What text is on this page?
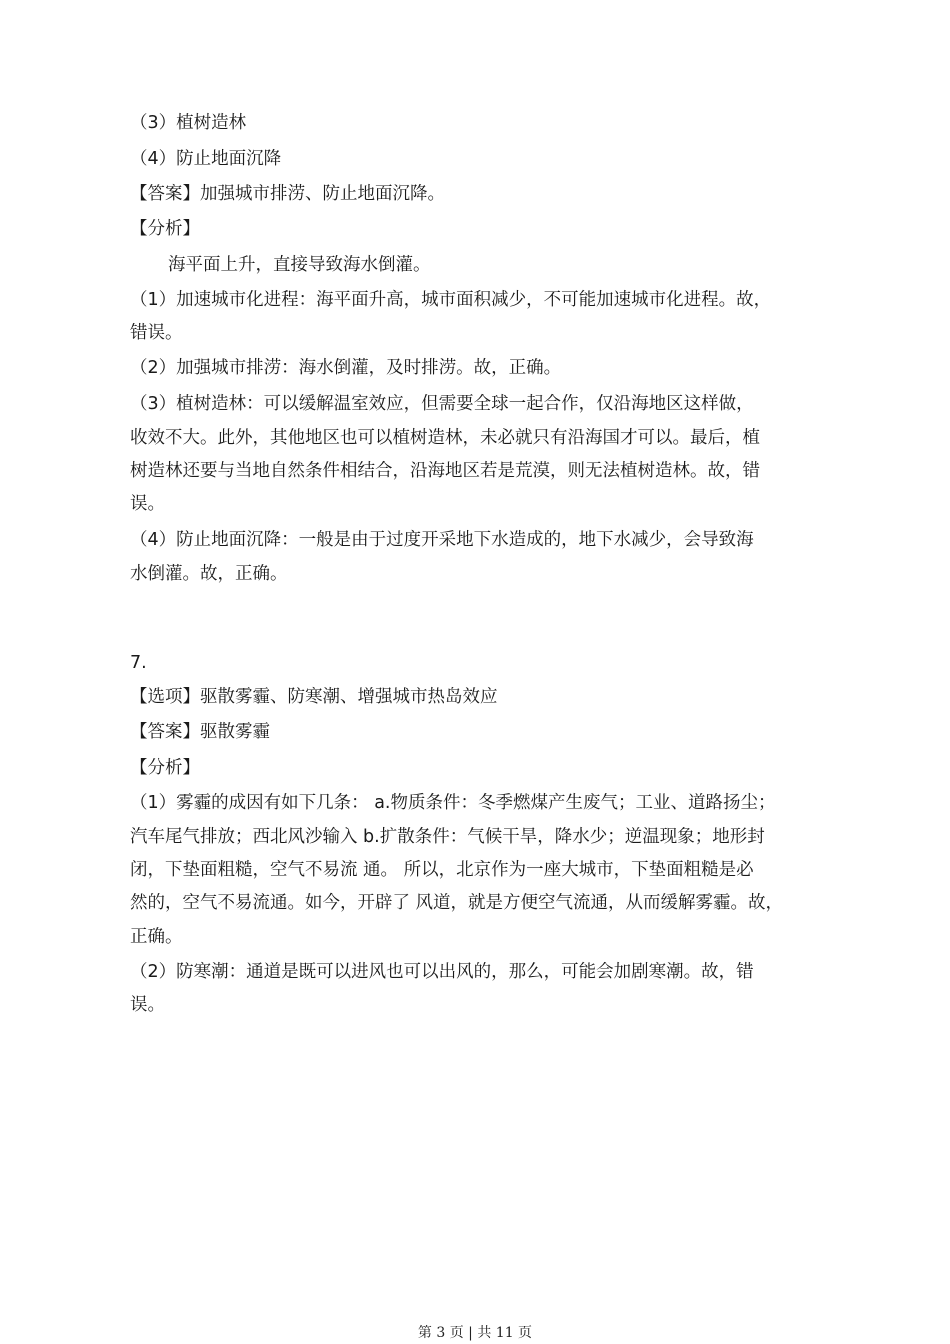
（3）植树造林
（4）防止地面沉降
【答案】加强城市排涝、防止地面沉降。
【分析】
海平面上升，直接导致海水倒灌。
（1）加速城市化进程：海平面升高，城市面积减少，不可能加速城市化进程。故，
错误。
（2）加强城市排涝：海水倒灌，及时排涝。故，正确。
（3）植树造林：可以缓解温室效应，但需要全球一起合作，仅沿海地区这样做，
收效不大。此外，其他地区也可以植树造林，未必就只有沿海国才可以。最后，植
树造林还要与当地自然条件相结合，沿海地区若是荒漠，则无法植树造林。故，错
误。
（4）防止地面沉降：一般是由于过度开采地下水造成的，地下水减少，会导致海
水倒灌。故，正确。
7.
【选项】驱散雾霾、防寒潮、增强城市热岛效应
【答案】驱散雾霾
【分析】
（1）雾霾的成因有如下几条： a.物质条件：冬季燃煤产生废气；工业、道路扬尘；
汽车尾气排放；西北风沙输入 b.扩散条件：气候干旱，降水少；逆温现象；地形封
闭，下垫面粗糙，空气不易流 通。 所以，北京作为一座大城市，下垫面粗糙是必
然的，空气不易流通。如今，开辟了 风道，就是方便空气流通，从而缓解雾霾。故，
正确。
（2）防寒潮：通道是既可以进风也可以出风的，那么，可能会加剧寒潮。故，错
误。
第 3 页 | 共 11 页
